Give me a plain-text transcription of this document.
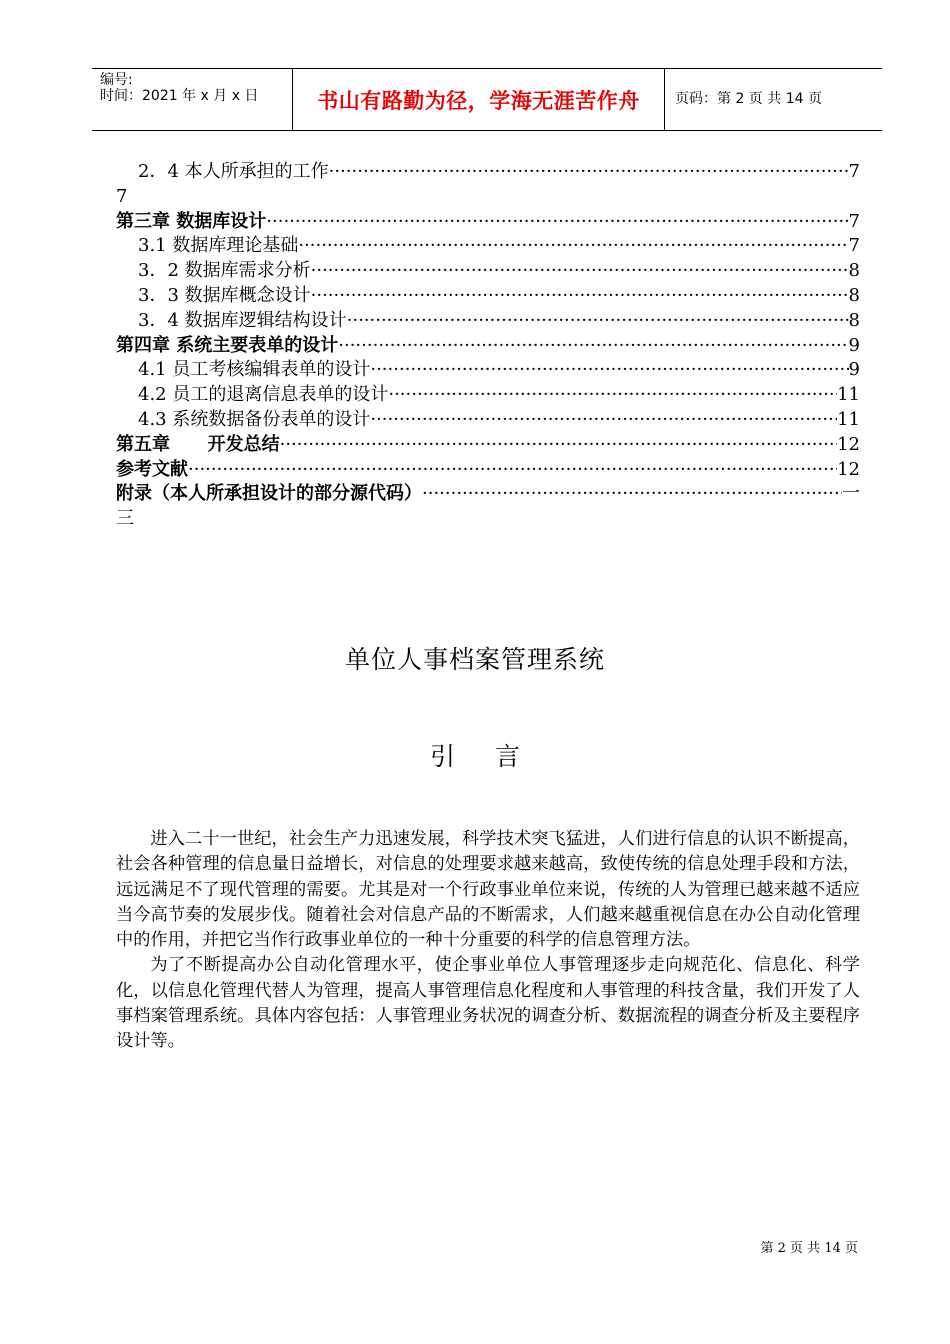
编号:
时间：2021 年 x 月 x 日	书山有路勤为径，学海无涯苦作舟	页码：第 2 页 共 14 页
2．4 本人所承担的工作 ·····	7
7
第三章 数据库设计 ·····	7
3.1 数据库理论基础 ·····	7
3．2 数据库需求分析 ·····	8
3．3 数据库概念设计 ·····	8
3．4 数据库逻辑结构设计 ·····	8
第四章 系统主要表单的设计 ·····	9
4.1 员工考核编辑表单的设计 ·····	9
4.2 员工的退离信息表单的设计 ·····	11
4.3 系统数据备份表单的设计 ·····	11
第五章      开发总结 ·····	12
参考文献 ·····	12
附录（本人所承担设计的部分源代码） ·····	一
三
单位人事档案管理系统
引言

进入二十一世纪，社会生产力迅速发展，科学技术突飞猛进，人们进行信息的认识不断提高，社会各种管理的信息量日益增长，对信息的处理要求越来越高，致使传统的信息处理手段和方法，远远满足不了现代管理的需要。尤其是对一个行政事业单位来说，传统的人为管理已越来越不适应当今高节奏的发展步伐。随着社会对信息产品的不断需求，人们越来越重视信息在办公自动化管理中的作用，并把它当作行政事业单位的一种十分重要的科学的信息管理方法。

为了不断提高办公自动化管理水平，使企事业单位人事管理逐步走向规范化、信息化、科学化，以信息化管理代替人为管理，提高人事管理信息化程度和人事管理的科技含量，我们开发了人事档案管理系统。具体内容包括：人事管理业务状况的调查分析、数据流程的调查分析及主要程序设计等。

第 2 页 共 14 页
